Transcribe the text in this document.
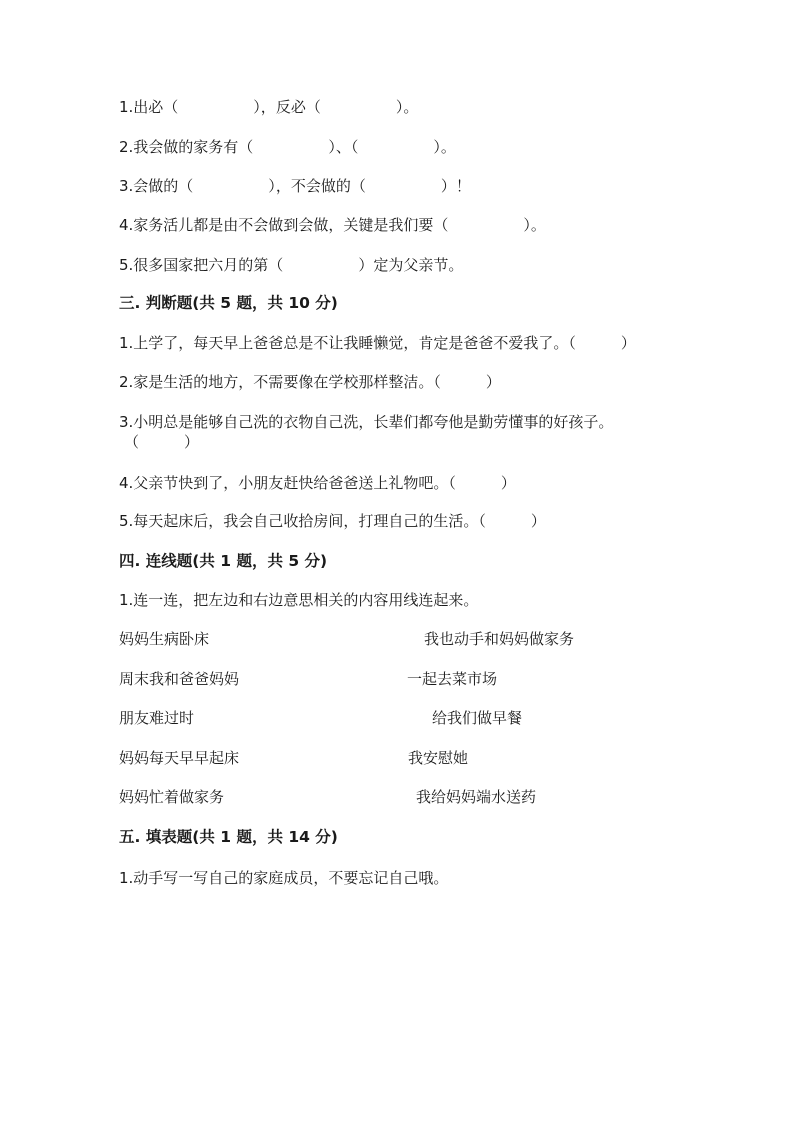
1.出必（　　　　　），反必（　　　　　）。
2.我会做的家务有（　　　　　）、（　　　　　）。
3.会做的（　　　　　），不会做的（　　　　　）！
4.家务活儿都是由不会做到会做，关键是我们要（　　　　　）。
5.很多国家把六月的第（　　　　　）定为父亲节。
三. 判断题(共 5 题，共 10 分)
1.上学了，每天早上爸爸总是不让我睡懒觉，肯定是爸爸不爱我了。（　　　）
2.家是生活的地方，不需要像在学校那样整洁。（　　　）
3.小明总是能够自己洗的衣物自己洗，长辈们都夸他是勤劳懂事的好孩子。
（　　　）
4.父亲节快到了，小朋友赶快给爸爸送上礼物吧。（　　　）
5.每天起床后，我会自己收拾房间，打理自己的生活。（　　　）
四. 连线题(共 1 题，共 5 分)
1.连一连，把左边和右边意思相关的内容用线连起来。
妈妈生病卧床
周末我和爸爸妈妈
朋友难过时
妈妈每天早早起床
妈妈忙着做家务
我也动手和妈妈做家务
一起去菜市场
给我们做早餐
我安慰她
我给妈妈端水送药
五. 填表题(共 1 题，共 14 分)
1.动手写一写自己的家庭成员，不要忘记自己哦。
